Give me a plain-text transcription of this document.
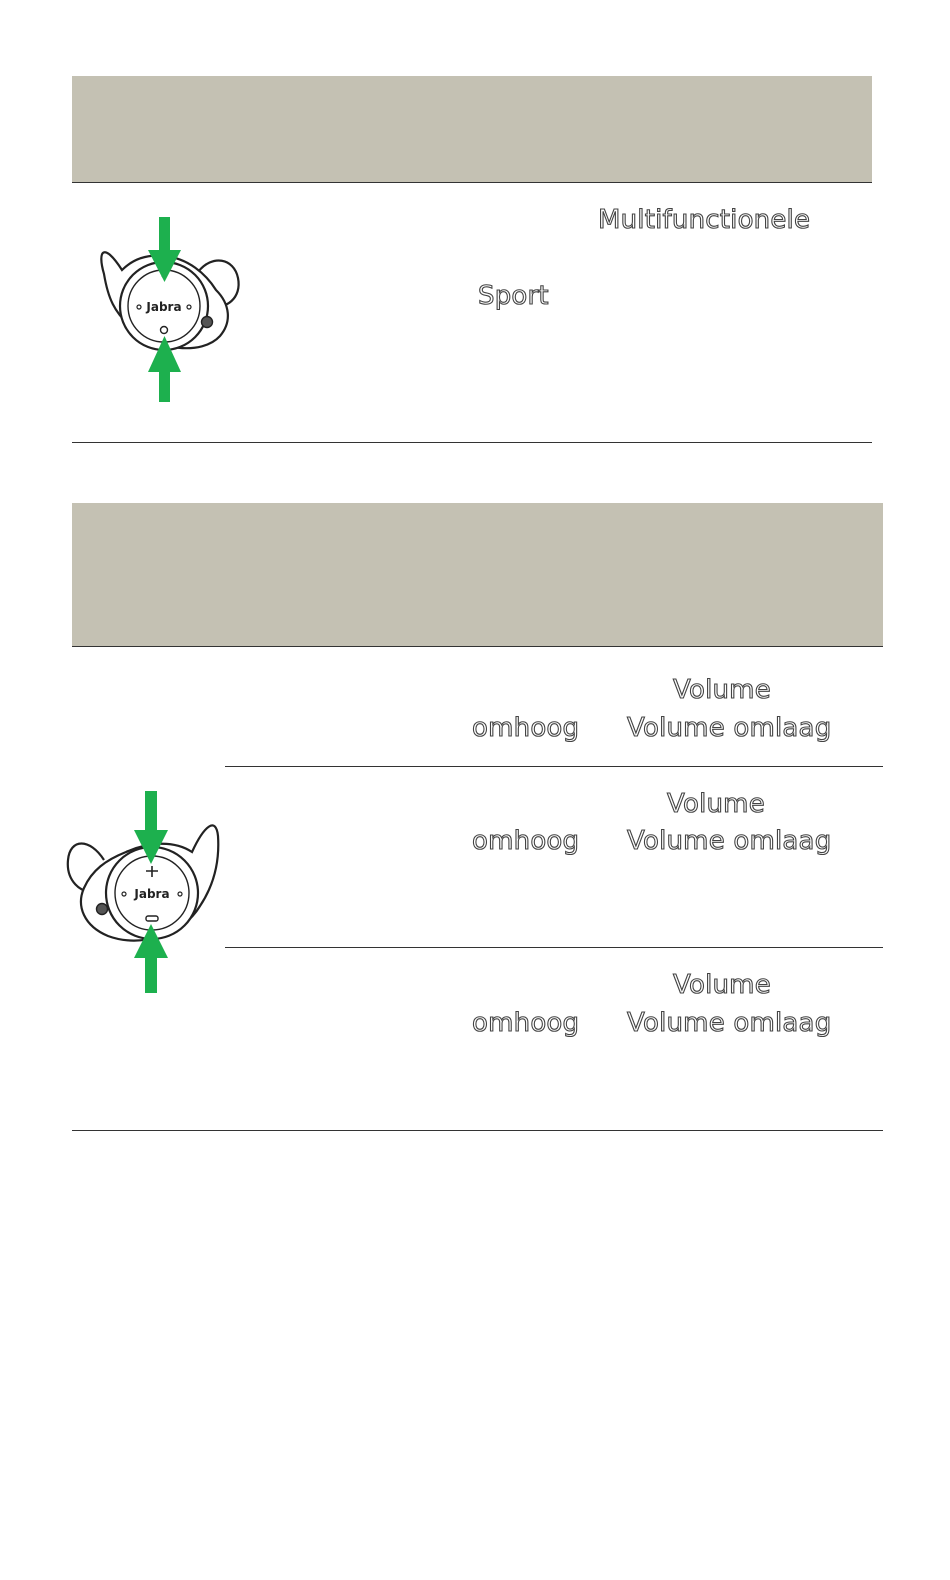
Jabra
Multifunctionele
Sport
Jabra
Volume
omhoog Volume omlaag
Volume
omhoog Volume omlaag
Volume
omhoog Volume omlaag
